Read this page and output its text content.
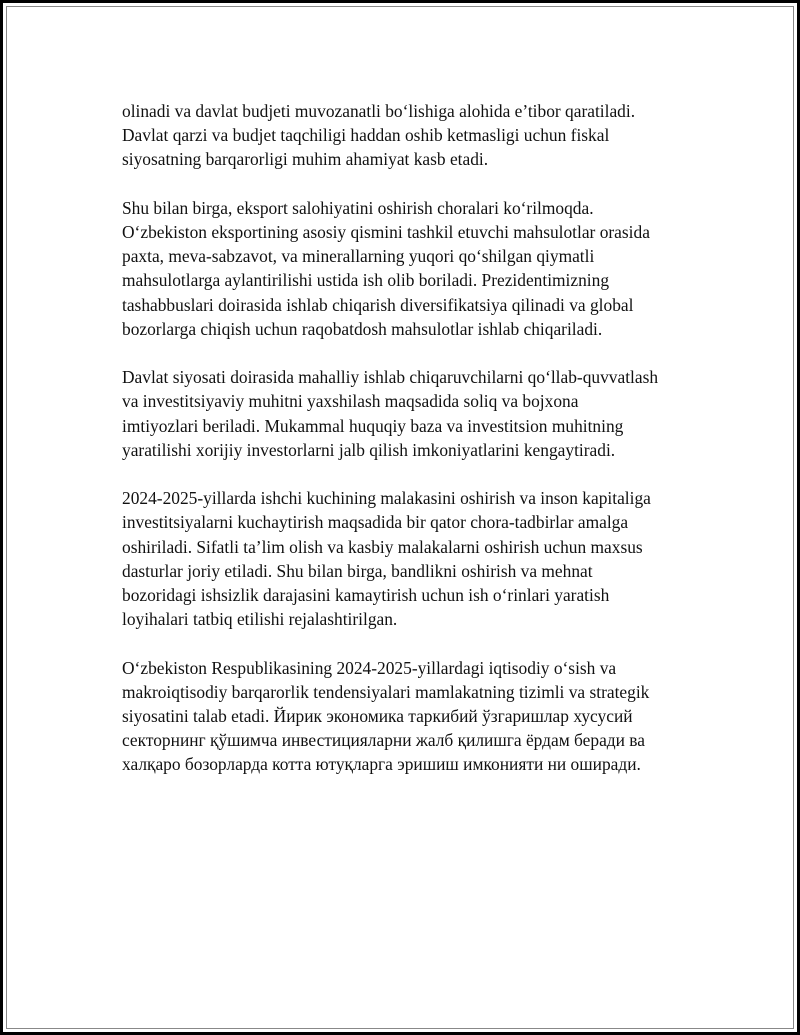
olinadi va davlat budjeti muvozanatli bo‘lishiga alohida e’tibor qaratiladi.
Davlat qarzi va budjet taqchiligi haddan oshib ketmasligi uchun fiskal
siyosatning barqarorligi muhim ahamiyat kasb etadi.

Shu bilan birga, eksport salohiyatini oshirish choralari ko‘rilmoqda.
O‘zbekiston eksportining asosiy qismini tashkil etuvchi mahsulotlar orasida
paxta, meva-sabzavot, va minerallarning yuqori qo‘shilgan qiymatli
mahsulotlarga aylantirilishi ustida ish olib boriladi. Prezidentimizning
tashabbuslari doirasida ishlab chiqarish diversifikatsiya qilinadi va global
bozorlarga chiqish uchun raqobatdosh mahsulotlar ishlab chiqariladi.

Davlat siyosati doirasida mahalliy ishlab chiqaruvchilarni qo‘llab-quvvatlash
va investitsiyaviy muhitni yaxshilash maqsadida soliq va bojxona
imtiyozlari beriladi. Mukammal huquqiy baza va investitsion muhitning
yaratilishi xorijiy investorlarni jalb qilish imkoniyatlarini kengaytiradi.

2024-2025-yillarda ishchi kuchining malakasini oshirish va inson kapitaliga
investitsiyalarni kuchaytirish maqsadida bir qator chora-tadbirlar amalga
oshiriladi. Sifatli ta’lim olish va kasbiy malakalarni oshirish uchun maxsus
dasturlar joriy etiladi. Shu bilan birga, bandlikni oshirish va mehnat
bozoridagi ishsizlik darajasini kamaytirish uchun ish o‘rinlari yaratish
loyihalari tatbiq etilishi rejalashtirilgan.

O‘zbekiston Respublikasining 2024-2025-yillardagi iqtisodiy o‘sish va
makroiqtisodiy barqarorlik tendensiyalari mamlakatning tizimli va strategik
siyosatini talab etadi. Йирик экономика таркибий ўзгаришлар хусусий
секторнинг қўшимча инвестицияларни жалб қилишга ёрдам беради ва
халқаро бозорларда котта ютуқларга эришиш имконияти ни оширади.
